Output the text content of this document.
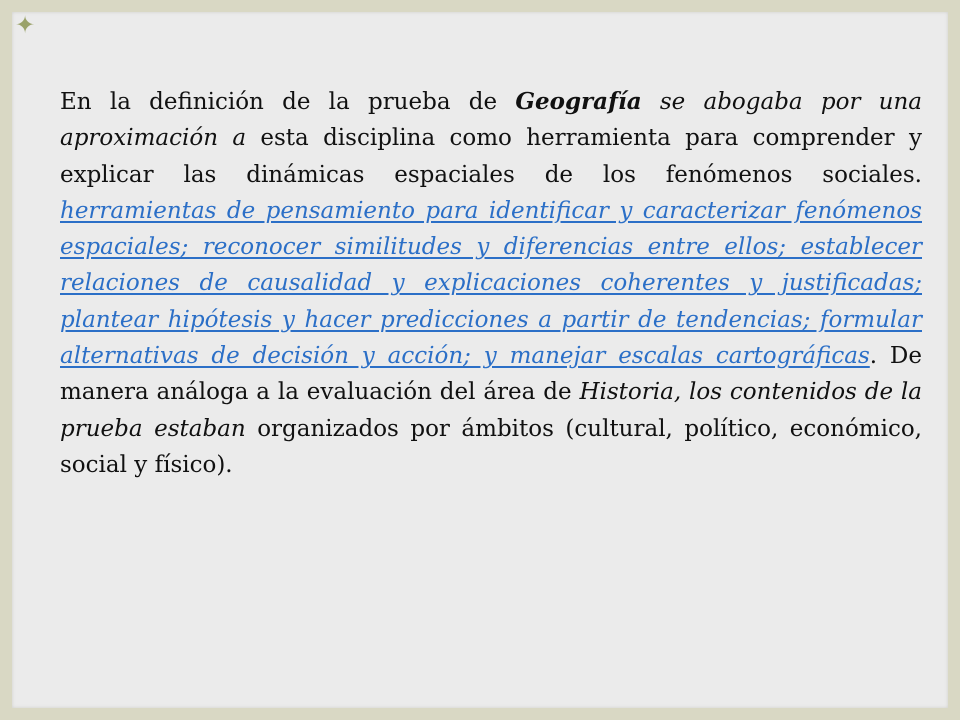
✦

En la definición de la prueba de Geografía se abogaba por una aproximación a esta disciplina como herramienta para comprender y explicar las dinámicas espaciales de los fenómenos sociales. herramientas de pensamiento para identificar y caracterizar fenómenos espaciales; reconocer similitudes y diferencias entre ellos; establecer relaciones de causalidad y explicaciones coherentes y justificadas; plantear hipótesis y hacer predicciones a partir de tendencias; formular alternativas de decisión y acción; y manejar escalas cartográficas. De manera análoga a la evaluación del área de Historia, los contenidos de la prueba estaban organizados por ámbitos (cultural, político, económico, social y físico).
